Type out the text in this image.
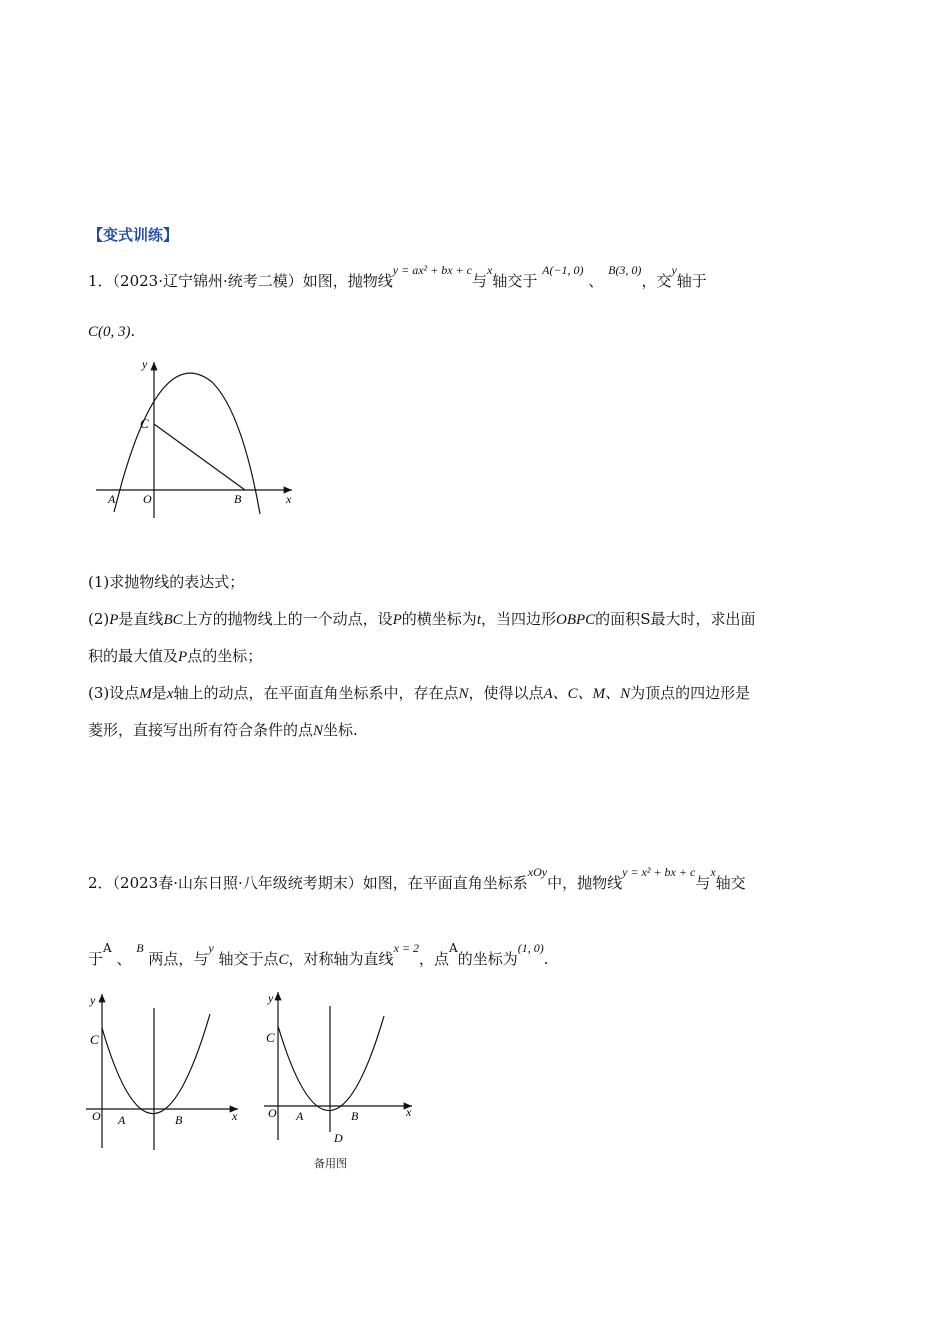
【变式训练】
1．（2023·辽宁锦州·统考二模）如图，抛物线$^{y = ax^2 + bx + c}$与$^x$轴交于 $^{A(-1, 0)}$ 、 $^{B(3, 0)}$，交$^y$轴于
C(0, 3).
y
x
C
A O	B
(1)求抛物线的表达式；
(2)P是直线BC上方的抛物线上的一个动点，设P的横坐标为t，当四边形OBPC的面积S最大时，求出面
积的最大值及P点的坐标；
(3)设点M是x轴上的动点，在平面直角坐标系中，存在点N，使得以点A、C、M、N为顶点的四边形是
菱形，直接写出所有符合条件的点N坐标.
2．（2023春·山东日照·八年级统考期末）如图，在平面直角坐标系$^{xOy}$中，抛物线$^{y = x^2 + bx + c}$与$^x$轴交
于$^A$ 、 $^B$ 两点，与$^y$ 轴交于点C，对称轴为直线$^{x = 2}$，点$^A$的坐标为$^{(1, 0)}$.
y
C
O A	B	x
y
C
O A	B
D
x
备用图
